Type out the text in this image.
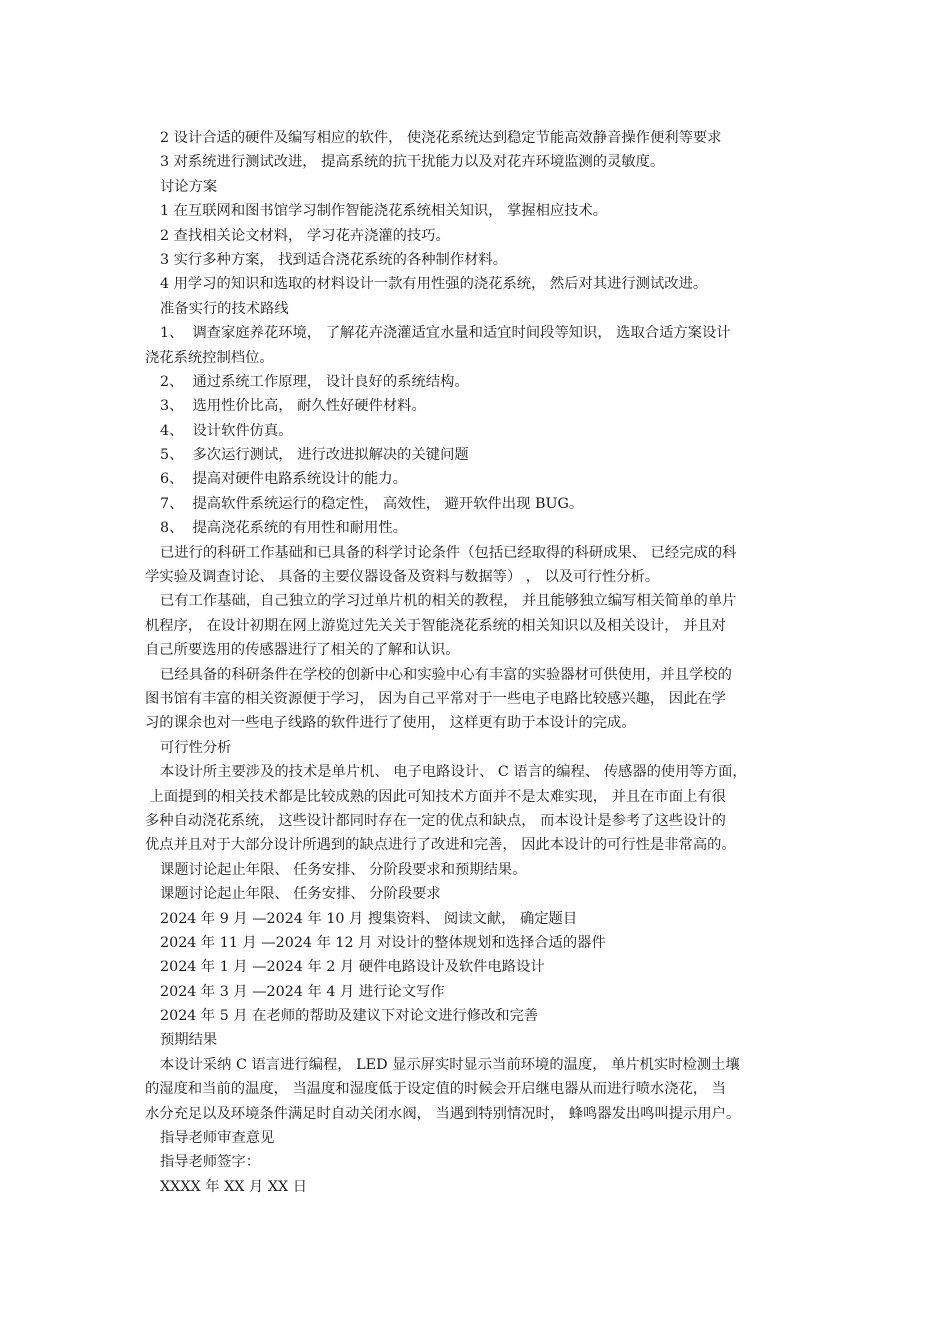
2 设计合适的硬件及编写相应的软件， 使浇花系统达到稳定节能高效静音操作便利等要求
3 对系统进行测试改进， 提高系统的抗干扰能力以及对花卉环境监测的灵敏度。
讨论方案
1 在互联网和图书馆学习制作智能浇花系统相关知识， 掌握相应技术。
2 查找相关论文材料， 学习花卉浇灌的技巧。
3 实行多种方案， 找到适合浇花系统的各种制作材料。
4 用学习的知识和选取的材料设计一款有用性强的浇花系统， 然后对其进行测试改进。
准备实行的技术路线
1、  调查家庭养花环境， 了解花卉浇灌适宜水量和适宜时间段等知识， 选取合适方案设计
浇花系统控制档位。
2、  通过系统工作原理， 设计良好的系统结构。
3、  选用性价比高， 耐久性好硬件材料。
4、  设计软件仿真。
5、  多次运行测试， 进行改进拟解决的关键问题
6、  提高对硬件电路系统设计的能力。
7、  提高软件系统运行的稳定性， 高效性， 避开软件出现 BUG。
8、  提高浇花系统的有用性和耐用性。
已进行的科研工作基础和已具备的科学讨论条件（包括已经取得的科研成果、 已经完成的科
学实验及调查讨论、 具备的主要仪器设备及资料与数据等） ， 以及可行性分析。
已有工作基础，自己独立的学习过单片机的相关的教程， 并且能够独立编写相关简单的单片
机程序， 在设计初期在网上游览过先关关于智能浇花系统的相关知识以及相关设计， 并且对
自己所要选用的传感器进行了相关的了解和认识。
已经具备的科研条件在学校的创新中心和实验中心有丰富的实验器材可供使用，并且学校的
图书馆有丰富的相关资源便于学习， 因为自己平常对于一些电子电路比较感兴趣， 因此在学
习的课余也对一些电子线路的软件进行了使用， 这样更有助于本设计的完成。
可行性分析
本设计所主要涉及的技术是单片机、 电子电路设计、 C 语言的编程、 传感器的使用等方面，
上面提到的相关技术都是比较成熟的因此可知技术方面并不是太难实现， 并且在市面上有很
多种自动浇花系统， 这些设计都同时存在一定的优点和缺点， 而本设计是参考了这些设计的
优点并且对于大部分设计所遇到的缺点进行了改进和完善， 因此本设计的可行性是非常高的。
课题讨论起止年限、 任务安排、 分阶段要求和预期结果。
课题讨论起止年限、 任务安排、 分阶段要求
2024 年 9 月 —2024 年 10 月 搜集资料、 阅读文献， 确定题目
2024 年 11 月 —2024 年 12 月 对设计的整体规划和选择合适的器件
2024 年 1 月 —2024 年 2 月 硬件电路设计及软件电路设计
2024 年 3 月 —2024 年 4 月 进行论文写作
2024 年 5 月 在老师的帮助及建议下对论文进行修改和完善
预期结果
本设计采纳 C 语言进行编程， LED 显示屏实时显示当前环境的温度， 单片机实时检测土壤
的湿度和当前的温度， 当温度和湿度低于设定值的时候会开启继电器从而进行喷水浇花， 当
水分充足以及环境条件满足时自动关闭水阀， 当遇到特别情况时， 蜂鸣器发出鸣叫提示用户。
指导老师审查意见
指导老师签字：
XXXX 年 XX 月 XX 日
